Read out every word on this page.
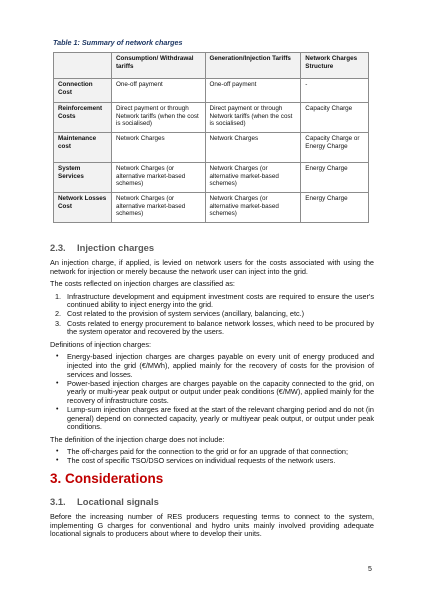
Table 1: Summary of network charges
	Consumption/ Withdrawal tariffs	Generation/Injection Tariffs	Network Charges Structure
Connection Cost	One-off payment	One-off payment	-
Reinforcement Costs	Direct payment or through Network tariffs (when the cost is socialised)	Direct payment or through Network tariffs (when the cost is socialised)	Capacity Charge
Maintenance cost	Network Charges	Network Charges	Capacity Charge or Energy Charge
System Services	Network Charges (or alternative market-based schemes)	Network Charges (or alternative market-based schemes)	Energy Charge
Network Losses Cost	Network Charges (or alternative market-based schemes)	Network Charges (or alternative market-based schemes)	Energy Charge
2.3. Injection charges

An injection charge, if applied, is levied on network users for the costs associated with using the network for injection or merely because the network user can inject into the grid.

The costs reflected on injection charges are classified as:

1. Infrastructure development and equipment investment costs are required to ensure the user's continued ability to inject energy into the grid.
2. Cost related to the provision of system services (ancillary, balancing, etc.)
3. Costs related to energy procurement to balance network losses, which need to be procured by the system operator and recovered by the users.

Definitions of injection charges:

• Energy-based injection charges are charges payable on every unit of energy produced and injected into the grid (€/MWh), applied mainly for the recovery of costs for the provision of services and losses.
• Power-based injection charges are charges payable on the capacity connected to the grid, on yearly or multi-year peak output or output under peak conditions (€/MW), applied mainly for the recovery of infrastructure costs.
• Lump-sum injection charges are fixed at the start of the relevant charging period and do not (in general) depend on connected capacity, yearly or multiyear peak output, or output under peak conditions.

The definition of the injection charge does not include:

• The off-charges paid for the connection to the grid or for an upgrade of that connection;
• The cost of specific TSO/DSO services on individual requests of the network users.
3. Considerations
3.1. Locational signals

Before the increasing number of RES producers requesting terms to connect to the system, implementing G charges for conventional and hydro units mainly involved providing adequate locational signals to producers about where to develop their units.

5
